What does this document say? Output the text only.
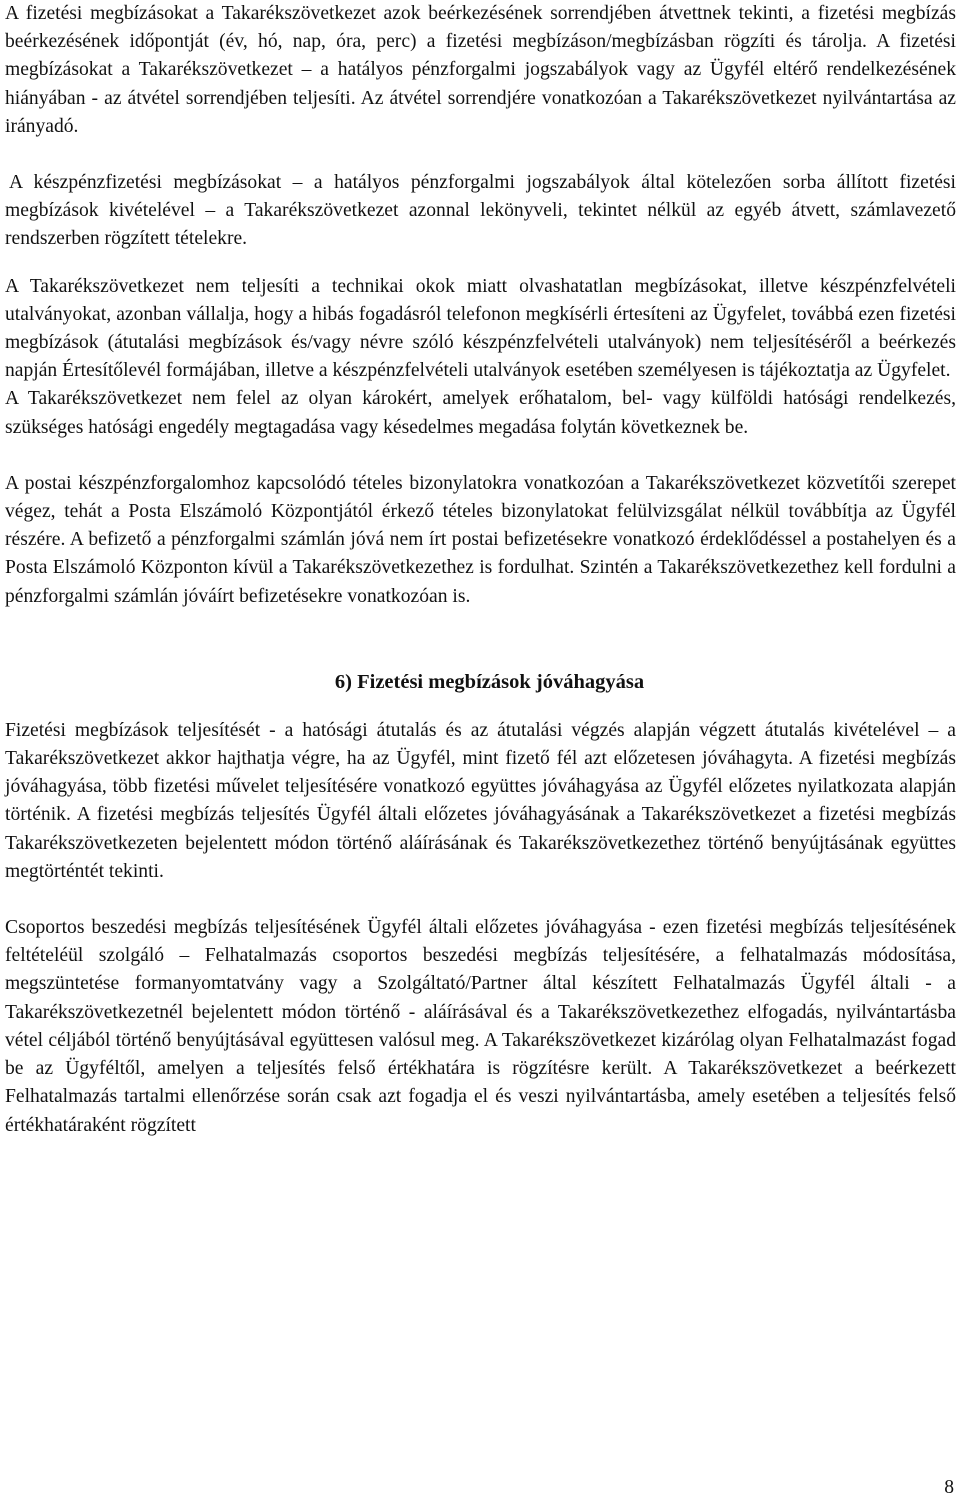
A fizetési megbízásokat a Takarékszövetkezet azok beérkezésének sorrendjében átvettnek tekinti, a fizetési megbízás beérkezésének időpontját (év, hó, nap, óra, perc) a fizetési megbízáson/megbízásban rögzíti és tárolja. A fizetési megbízásokat a Takarékszövetkezet – a hatályos pénzforgalmi jogszabályok vagy az Ügyfél eltérő rendelkezésének hiányában - az átvétel sorrendjében teljesíti. Az átvétel sorrendjére vonatkozóan a Takarékszövetkezet nyilvántartása az irányadó.

A készpénzfizetési megbízásokat – a hatályos pénzforgalmi jogszabályok által kötelezően sorba állított fizetési megbízások kivételével – a Takarékszövetkezet azonnal lekönyveli, tekintet nélkül az egyéb átvett, számlavezető rendszerben rögzített tételekre.

A Takarékszövetkezet nem teljesíti a technikai okok miatt olvashatatlan megbízásokat, illetve készpénzfelvételi utalványokat, azonban vállalja, hogy a hibás fogadásról telefonon megkísérli értesíteni az Ügyfelet, továbbá ezen fizetési megbízások (átutalási megbízások és/vagy névre szóló készpénzfelvételi utalványok) nem teljesítéséről a beérkezés napján Értesítőlevél formájában, illetve a készpénzfelvételi utalványok esetében személyesen is tájékoztatja az Ügyfelet.

A Takarékszövetkezet nem felel az olyan károkért, amelyek erőhatalom, bel- vagy külföldi hatósági rendelkezés, szükséges hatósági engedély megtagadása vagy késedelmes megadása folytán következnek be.

A postai készpénzforgalomhoz kapcsolódó tételes bizonylatokra vonatkozóan a Takarékszövetkezet közvetítői szerepet végez, tehát a Posta Elszámoló Központjától érkező tételes bizonylatokat felülvizsgálat nélkül továbbítja az Ügyfél részére. A befizető a pénzforgalmi számlán jóvá nem írt postai befizetésekre vonatkozó érdeklődéssel a postahelyen és a Posta Elszámoló Központon kívül a Takarékszövetkezethez is fordulhat. Szintén a Takarékszövetkezethez kell fordulni a pénzforgalmi számlán jóváírt befizetésekre vonatkozóan is.

6) Fizetési megbízások jóváhagyása

Fizetési megbízások teljesítését - a hatósági átutalás és az átutalási végzés alapján végzett átutalás kivételével – a Takarékszövetkezet akkor hajthatja végre, ha az Ügyfél, mint fizető fél azt előzetesen jóváhagyta. A fizetési megbízás jóváhagyása, több fizetési művelet teljesítésére vonatkozó együttes jóváhagyása az Ügyfél előzetes nyilatkozata alapján történik. A fizetési megbízás teljesítés Ügyfél általi előzetes jóváhagyásának a Takarékszövetkezet a fizetési megbízás Takarékszövetkezeten bejelentett módon történő aláírásának és Takarékszövetkezethez történő benyújtásának együttes megtörténtét tekinti.

Csoportos beszedési megbízás teljesítésének Ügyfél általi előzetes jóváhagyása - ezen fizetési megbízás teljesítésének feltételéül szolgáló – Felhatalmazás csoportos beszedési megbízás teljesítésére, a felhatalmazás módosítása, megszüntetése formanyomtatvány vagy a Szolgáltató/Partner által készített Felhatalmazás Ügyfél általi - a Takarékszövetkezetnél bejelentett módon történő - aláírásával és a Takarékszövetkezethez elfogadás, nyilvántartásba vétel céljából történő benyújtásával együttesen valósul meg. A Takarékszövetkezet kizárólag olyan Felhatalmazást fogad be az Ügyféltől, amelyen a teljesítés felső értékhatára is rögzítésre került. A Takarékszövetkezet a beérkezett Felhatalmazás tartalmi ellenőrzése során csak azt fogadja el és veszi nyilvántartásba, amely esetében a teljesítés felső értékhatáraként rögzített

8
